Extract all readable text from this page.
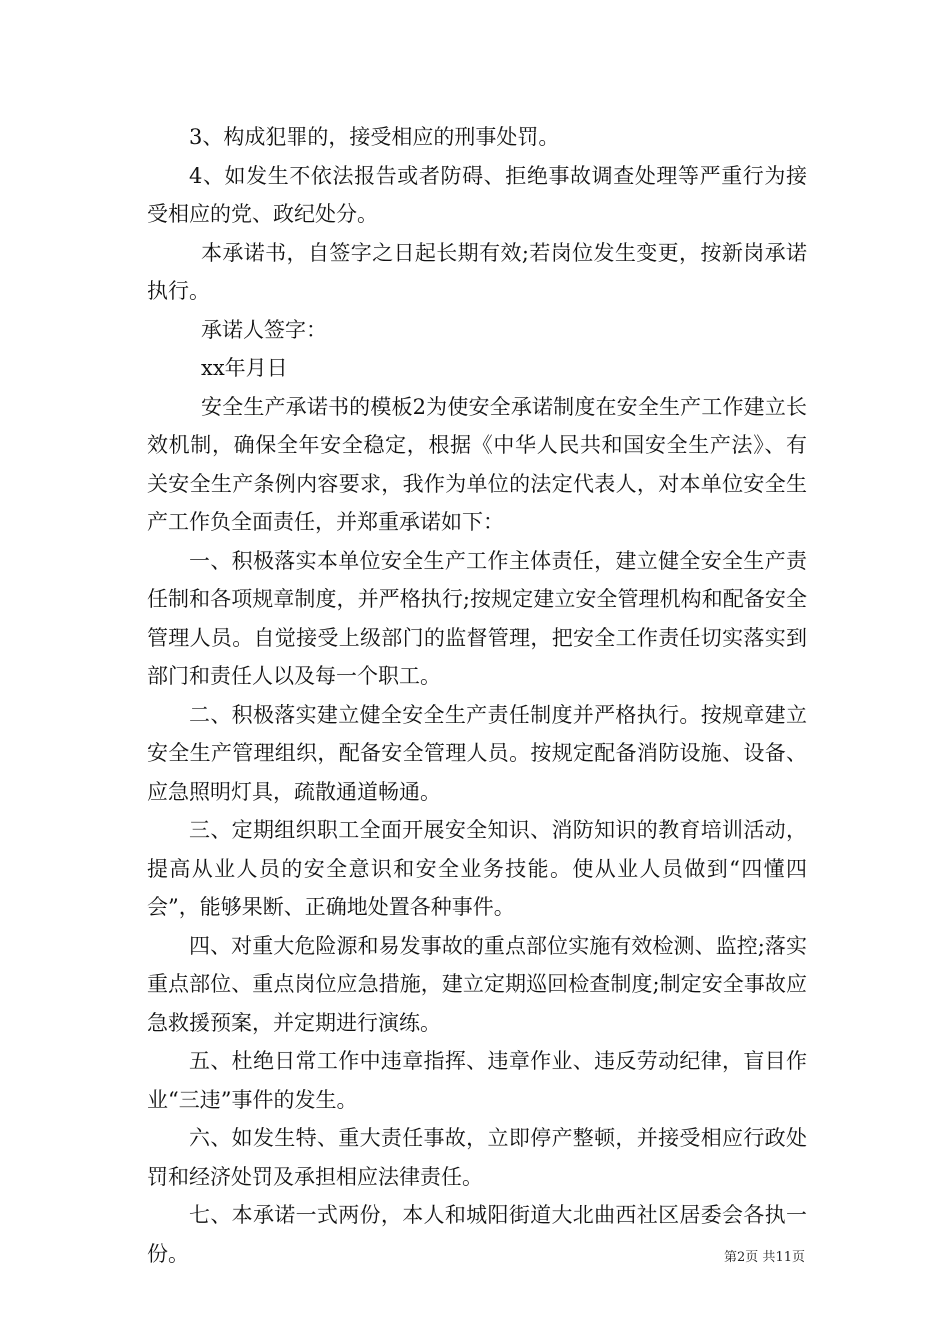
3、构成犯罪的，接受相应的刑事处罚。

4、如发生不依法报告或者防碍、拒绝事故调查处理等严重行为接受相应的党、政纪处分。

本承诺书，自签字之日起长期有效;若岗位发生变更，按新岗承诺执行。

承诺人签字：

xx年月日

安全生产承诺书的模板2为使安全承诺制度在安全生产工作建立长效机制，确保全年安全稳定，根据《中华人民共和国安全生产法》、有关安全生产条例内容要求，我作为单位的法定代表人，对本单位安全生产工作负全面责任，并郑重承诺如下：

一、积极落实本单位安全生产工作主体责任，建立健全安全生产责任制和各项规章制度，并严格执行;按规定建立安全管理机构和配备安全管理人员。自觉接受上级部门的监督管理，把安全工作责任切实落实到部门和责任人以及每一个职工。

二、积极落实建立健全安全生产责任制度并严格执行。按规章建立安全生产管理组织，配备安全管理人员。按规定配备消防设施、设备、应急照明灯具，疏散通道畅通。

三、定期组织职工全面开展安全知识、消防知识的教育培训活动，提高从业人员的安全意识和安全业务技能。使从业人员做到“四懂四会”，能够果断、正确地处置各种事件。

四、对重大危险源和易发事故的重点部位实施有效检测、监控;落实重点部位、重点岗位应急措施，建立定期巡回检查制度;制定安全事故应急救援预案，并定期进行演练。

五、杜绝日常工作中违章指挥、违章作业、违反劳动纪律，盲目作业“三违”事件的发生。

六、如发生特、重大责任事故，立即停产整顿，并接受相应行政处罚和经济处罚及承担相应法律责任。

七、本承诺一式两份，本人和城阳街道大北曲西社区居委会各执一份。	第2页 共11页
